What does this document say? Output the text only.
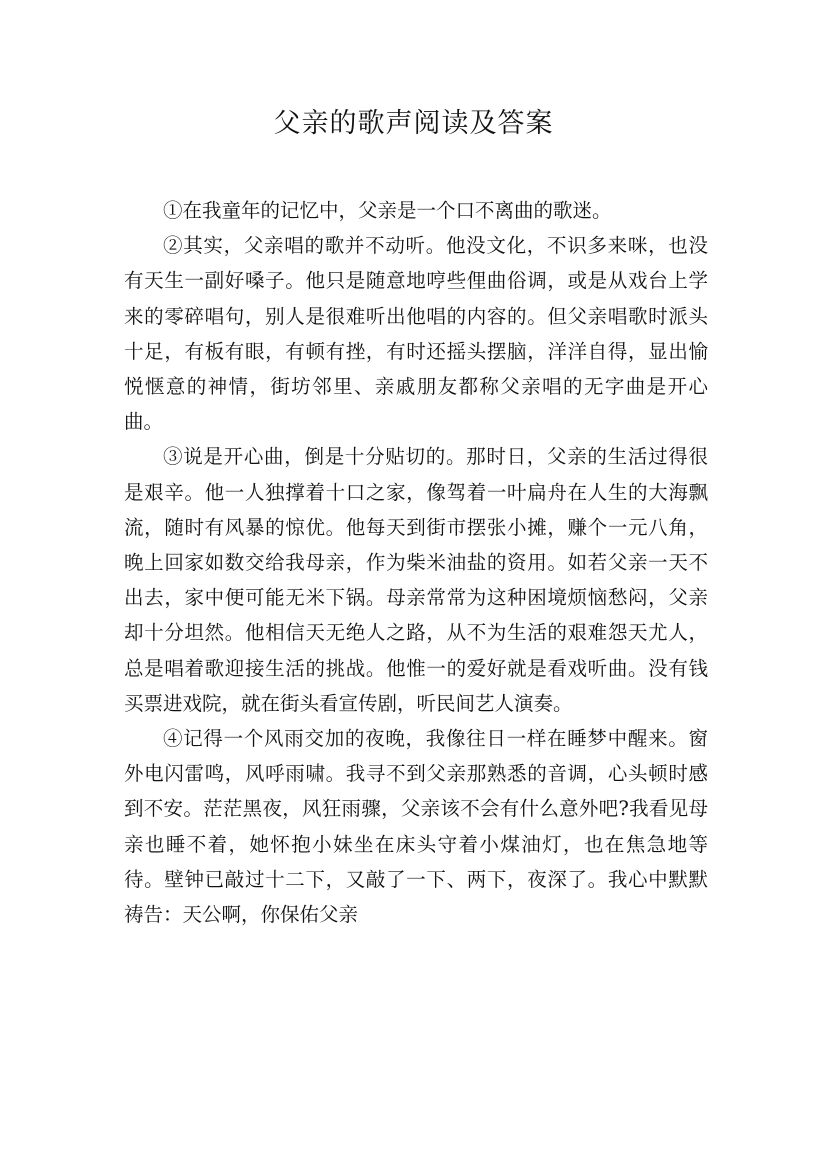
父亲的歌声阅读及答案

①在我童年的记忆中，父亲是一个口不离曲的歌迷。

②其实，父亲唱的歌并不动听。他没文化，不识多来咪，也没有天生一副好嗓子。他只是随意地哼些俚曲俗调，或是从戏台上学来的零碎唱句，别人是很难听出他唱的内容的。但父亲唱歌时派头十足，有板有眼，有顿有挫，有时还摇头摆脑，洋洋自得，显出愉悦惬意的神情，街坊邻里、亲戚朋友都称父亲唱的无字曲是开心曲。

③说是开心曲，倒是十分贴切的。那时日，父亲的生活过得很是艰辛。他一人独撑着十口之家，像驾着一叶扁舟在人生的大海飘流，随时有风暴的惊优。他每天到街市摆张小摊，赚个一元八角，晚上回家如数交给我母亲，作为柴米油盐的资用。如若父亲一天不出去，家中便可能无米下锅。母亲常常为这种困境烦恼愁闷，父亲却十分坦然。他相信天无绝人之路，从不为生活的艰难怨天尤人，总是唱着歌迎接生活的挑战。他惟一的爱好就是看戏听曲。没有钱买票进戏院，就在街头看宣传剧，听民间艺人演奏。

④记得一个风雨交加的夜晚，我像往日一样在睡梦中醒来。窗外电闪雷鸣，风呼雨啸。我寻不到父亲那熟悉的音调，心头顿时感到不安。茫茫黑夜，风狂雨骤，父亲该不会有什么意外吧?我看见母亲也睡不着，她怀抱小妹坐在床头守着小煤油灯，也在焦急地等待。壁钟已敲过十二下，又敲了一下、两下，夜深了。我心中默默祷告：天公啊，你保佑父亲
